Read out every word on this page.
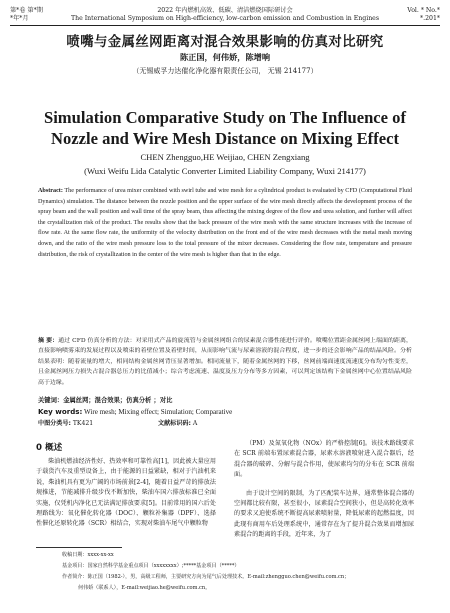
第*卷 第*期	2022 年内燃机高效、低碳、清洁燃烧国际研讨会	Vol. * No.*
*年*月	The International Symposium on High-efficiency, low-carbon emission and Combustion in Engines	*.201*
喷嘴与金属丝网距离对混合效果影响的仿真对比研究
陈正国，何伟娇，陈增响
（无锡威孚力达催化净化器有限责任公司， 无锡 214177）
Simulation Comparative Study on The Influence of
Nozzle and Wire Mesh Distance on Mixing Effect
CHEN Zhengguo,HE Weijiao, CHEN Zengxiang
(Wuxi Weifu Lida Catalytic Converter Limited Liability Company, Wuxi 214177)
Abstract: The performance of urea mixer combined with swirl tube and wire mesh for a cylindrical product is evaluated by CFD (Computational Fluid Dynamics) simulation. The distance between the nozzle position and the upper surface of the wire mesh directly affects the development process of the spray beam and the wall position and wall time of the spray beam, thus affecting the mixing degree of the flow and urea solution, and further will affect the crystallization risk of the product. The results show that the back pressure of the wire mesh with the same structure increases with the increase of flow rate. At the same flow rate, the uniformity of the velocity distribution on the front end of the wire mesh decreases with the metal mesh moving down, and the ratio of the wire mesh pressure loss to the total pressure of the mixer decreases. Considering the flow rate, temperature and pressure distribution, the risk of crystallization in the center of the wire mesh is higher than that in the edge.
摘 要：通过 CFD 仿真分析的方法：对采用式产品的旋流管与金属丝网组合的尿素混合器性能进行评价。喷嘴位置距金属丝网上端面的距离，直接影响喷雾束的发展过程以及喷束的着壁位置及着壁时间，从而影响气流与尿素溶液的混合程度，进一步的还会影响产品的结晶风险。分析结果表明：随着流量的增大，相同结构金属丝网背压显著增加。相同流量下，随着金属丝网的下移，丝网前端面速度流速度分布均匀性变差，且金属丝网压力损失占混合器总压力的比值减小；综合考虑流速、温度及压力分布等多方因素，可以判定该结构下金属丝网中心位置结晶风险高于边缘。
关键词：金属丝网；混合效果；仿真分析 ；对比
Key words: Wire mesh; Mixing effect; Simulation; Comparative
中图分类号: TK421	文献标识码: A
0 概述

柴油机燃油经济性好、热效率和可靠性高[1]，因此被大量应用于载货汽车及重型设备上，由于能源的日益紧缺，相对于汽油机来说，柴油机具有更为广阔的市场前景[2-4]，随着日益严苛的排放法规推进，节能减排升级步伐不断加快，柴油车国六排放标准已全面实施，仅凭机内净化已无法满足排放要求[5]。目前常用的国六后处理路线为：氧化催化转化器（DOC）、颗粒补集器（DPF）、选择性催化还原转化器（SCR）相结合，实现对柴油车尾气中颗粒物

（PM）及氮氧化物（NOx）的严格控制[6]。该技术路线要求在 SCR 前端布置尿素混合器，尿素水溶液喷射进入混合器后，经混合器的破碎、分解与混合作用，使尿素均匀的分布在 SCR 前端面。

由于设计空间的限制，为了匹配装车边界，通常整体混合器的空间都比较有限，甚至很小，尿素混合空间狭小，但是高转化效率的要求又迫使系统不断提高尿素喷射量，降低尿素的起燃温度，因此现有商用车后处理系统中，通常存在为了提升混合效果而增加尿素混合的距离的手段，近年来，为了

收稿日期：xxxx-xx-xx
基金项目：国家自然科学基金重点项目（xxxxxxxx）;*****基金项目（*****）
作者简介：陈正国（1982-），男，高级工程师，主要研究方向为尾气后处理技术。E-mail:zhengguo.chen@weifu.com.cn；
何伟娇（联系人），E-mail:weijiao.he@weifu.com.cn。
